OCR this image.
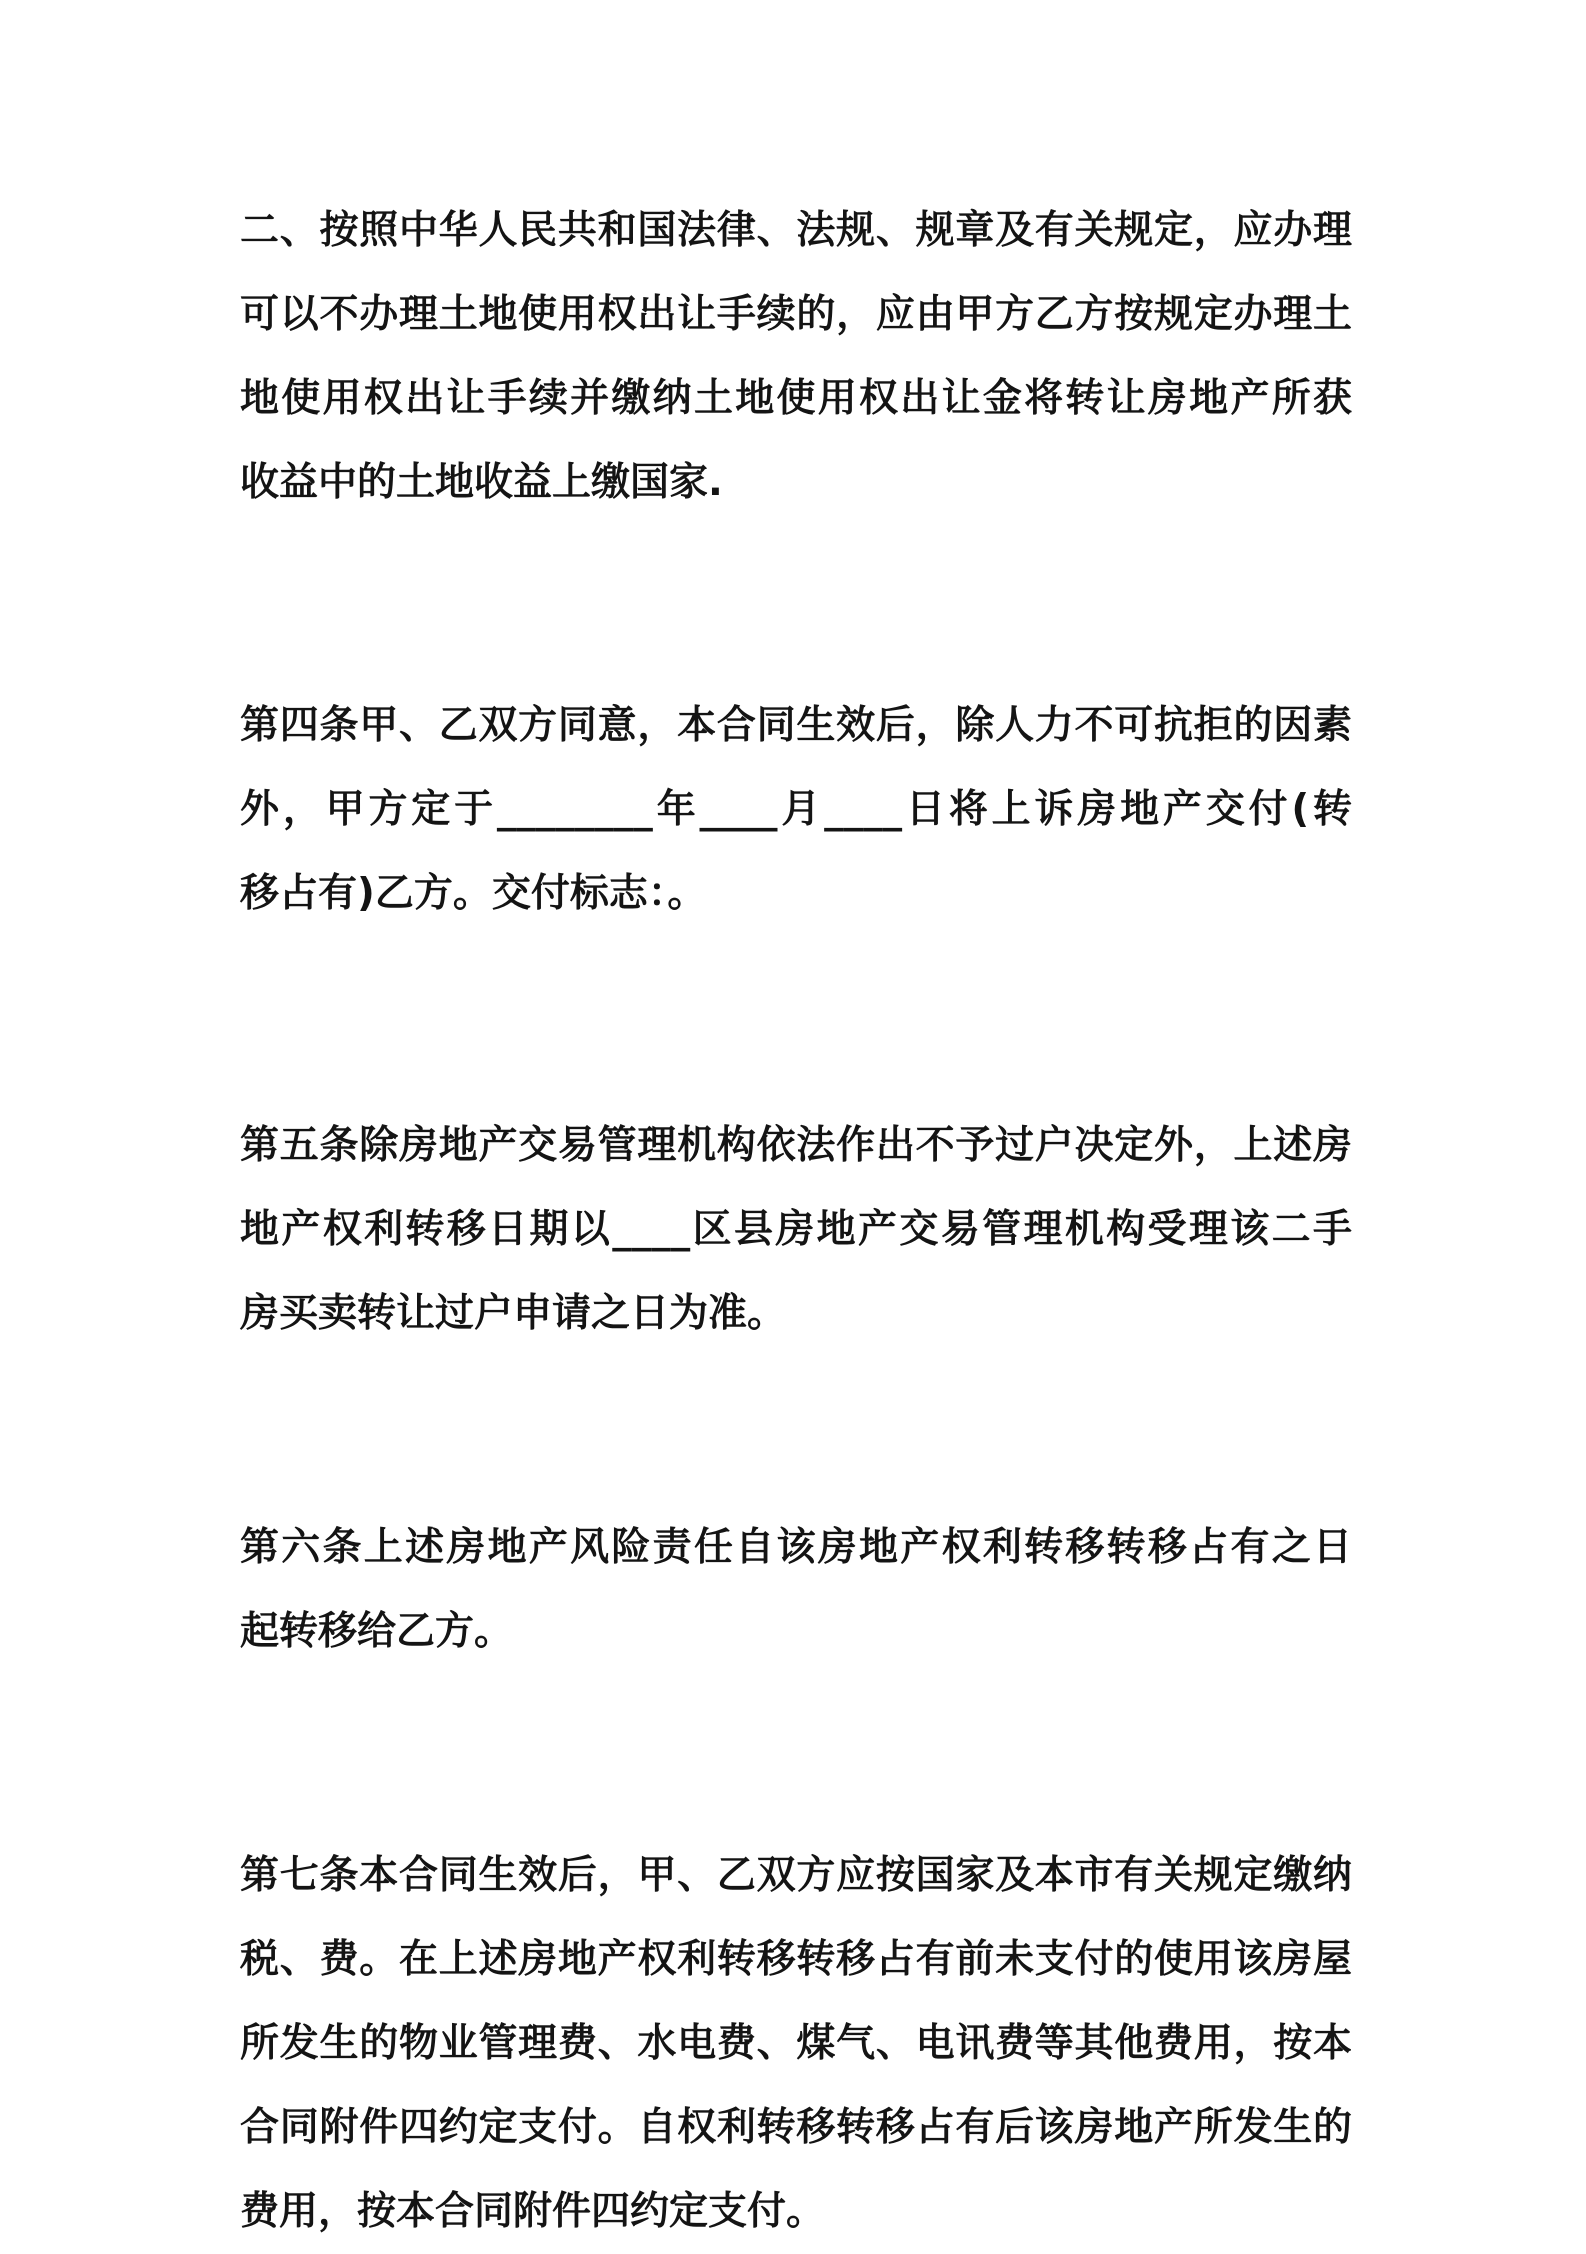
二、按照中华人民共和国法律、法规、规章及有关规定，应办理
可以不办理土地使用权出让手续的，应由甲方乙方按规定办理土
地使用权出让手续并缴纳土地使用权出让金将转让房地产所获
收益中的土地收益上缴国家.
第四条甲、乙双方同意，本合同生效后，除人力不可抗拒的因素
外，甲方定于________年____月____日将上诉房地产交付(转
移占有)乙方。交付标志：。
第五条除房地产交易管理机构依法作出不予过户决定外，上述房
地产权利转移日期以____区县房地产交易管理机构受理该二手
房买卖转让过户申请之日为准。
第六条上述房地产风险责任自该房地产权利转移转移占有之日
起转移给乙方。
第七条本合同生效后，甲、乙双方应按国家及本市有关规定缴纳
税、费。在上述房地产权利转移转移占有前未支付的使用该房屋
所发生的物业管理费、水电费、煤气、电讯费等其他费用，按本
合同附件四约定支付。自权利转移转移占有后该房地产所发生的
费用，按本合同附件四约定支付。
